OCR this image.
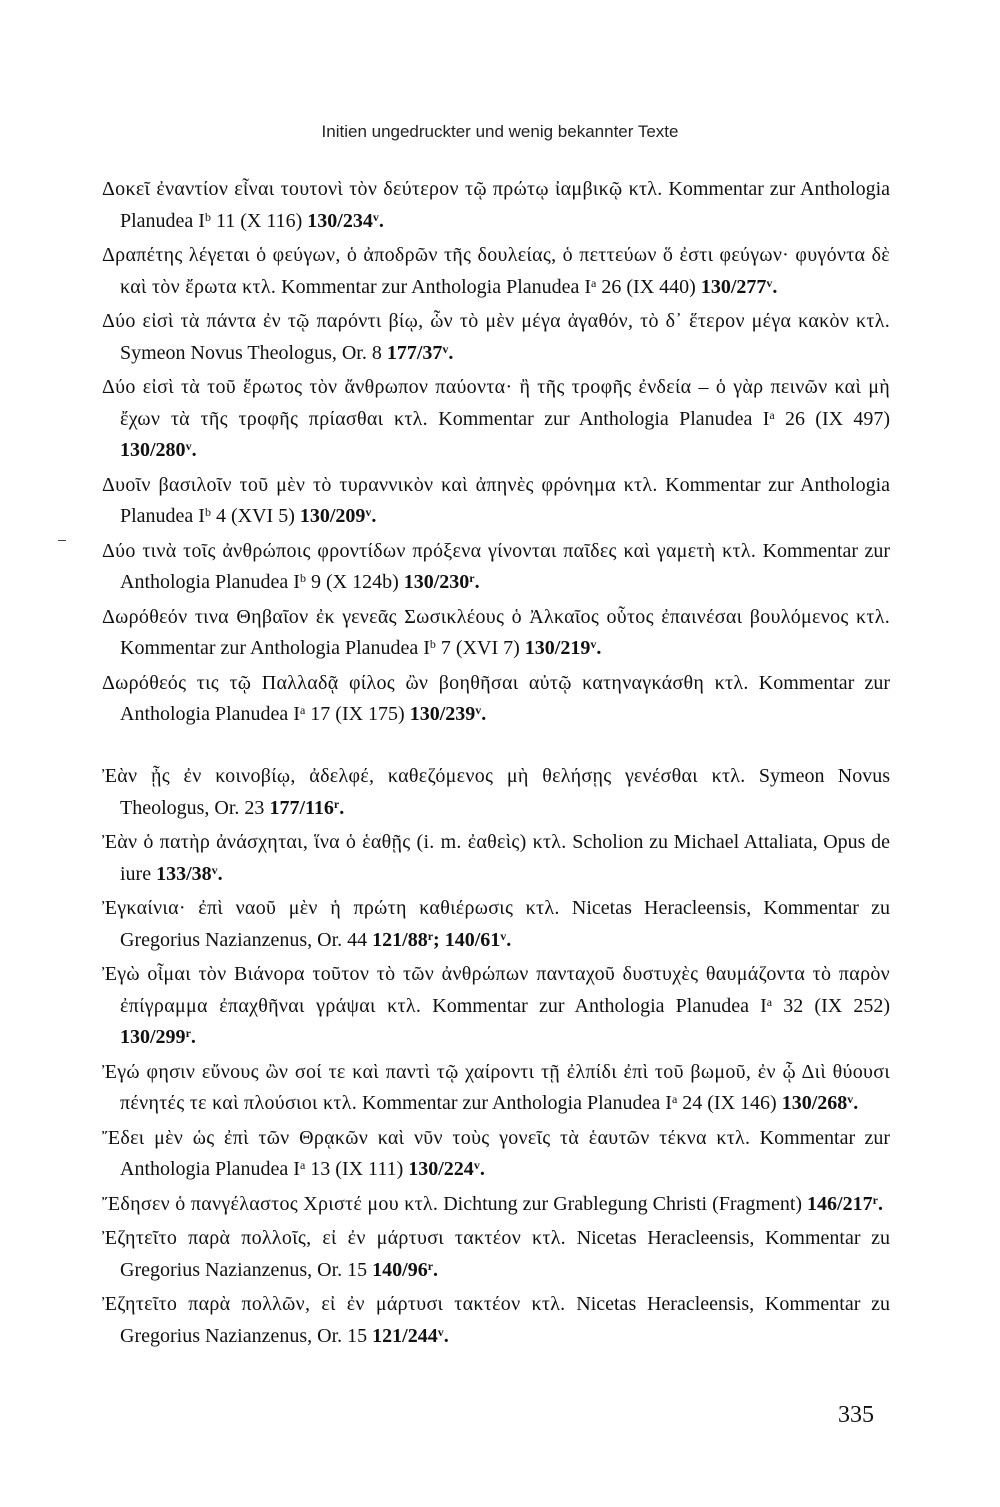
Initien ungedruckter und wenig bekannter Texte

Δοκεῖ ἐναντίον εἶναι τουτονὶ τὸν δεύτερον τῷ πρώτῳ ἰαμβικῷ κτλ. Kommentar zur Anthologia Planudea $I^b$ 11 (X 116) 130/234$^v$.

Δραπέτης λέγεται ὁ φεύγων, ὁ ἀποδρῶν τῆς δουλείας, ὁ πεττεύων ὅ ἐστι φεύγων· φυγόντα δὲ καὶ τὸν ἔρωτα κτλ. Kommentar zur Anthologia Planudea $I^a$ 26 (IX 440) 130/277$^v$.

Δύο εἰσὶ τὰ πάντα ἐν τῷ παρόντι βίῳ, ὧν τὸ μὲν μέγα ἀγαθόν, τὸ δ᾽ ἕτερον μέγα κακὸν κτλ. Symeon Novus Theologus, Or. 8 177/37$^v$.

Δύο εἰσὶ τὰ τοῦ ἔρωτος τὸν ἄνθρωπον παύοντα· ἢ τῆς τροφῆς ἐνδεία – ὁ γὰρ πεινῶν καὶ μὴ ἔχων τὰ τῆς τροφῆς πρίασθαι κτλ. Kommentar zur Anthologia Planudea $I^a$ 26 (IX 497) 130/280$^v$.

Δυοῖν βασιλοῖν τοῦ μὲν τὸ τυραννικὸν καὶ ἀπηνὲς φρόνημα κτλ. Kommentar zur Anthologia Planudea $I^b$ 4 (XVI 5) 130/209$^v$.

Δύο τινὰ τοῖς ἀνθρώποις φροντίδων πρόξενα γίνονται παῖδες καὶ γαμετὴ κτλ. Kommentar zur Anthologia Planudea $I^b$ 9 (X 124b) 130/230$^r$.

Δωρόθεόν τινα Θηβαῖον ἐκ γενεᾶς Σωσικλέους ὁ Ἀλκαῖος οὗτος ἐπαινέσαι βουλόμενος κτλ. Kommentar zur Anthologia Planudea $I^b$ 7 (XVI 7) 130/219$^v$.

Δωρόθεός τις τῷ Παλλαδᾷ φίλος ὢν βοηθῆσαι αὐτῷ κατηναγκάσθη κτλ. Kommentar zur Anthologia Planudea $I^a$ 17 (IX 175) 130/239$^v$.

Ἐὰν ᾖς ἐν κοινοβίῳ, ἀδελφέ, καθεζόμενος μὴ θελήσῃς γενέσθαι κτλ. Symeon Novus Theologus, Or. 23 177/116$^r$.

Ἐὰν ὁ πατὴρ ἀνάσχηται, ἵνα ὁ ἑαθῇς (i. m. ἐαθεὶς) κτλ. Scholion zu Michael Attaliata, Opus de iure 133/38$^v$.

Ἐγκαίνια· ἐπὶ ναοῦ μὲν ἡ πρώτη καθιέρωσις κτλ. Nicetas Heracleensis, Kommentar zu Gregorius Nazianzenus, Or. 44 121/88$^r$; 140/61$^v$.

Ἐγὼ οἶμαι τὸν Βιάνορα τοῦτον τὸ τῶν ἀνθρώπων πανταχοῦ δυστυχὲς θαυμάζοντα τὸ παρὸν ἐπίγραμμα ἐπαχθῆναι γράψαι κτλ. Kommentar zur Anthologia Planudea $I^a$ 32 (IX 252) 130/299$^r$.

Ἐγώ φησιν εὔνους ὢν σοί τε καὶ παντὶ τῷ χαίροντι τῇ ἐλπίδι ἐπὶ τοῦ βωμοῦ, ἐν ᾧ Διὶ θύουσι πένητές τε καὶ πλούσιοι κτλ. Kommentar zur Anthologia Planudea $I^a$ 24 (IX 146) 130/268$^v$.

Ἔδει μὲν ὡς ἐπὶ τῶν Θρᾳκῶν καὶ νῦν τοὺς γονεῖς τὰ ἑαυτῶν τέκνα κτλ. Kommentar zur Anthologia Planudea $I^a$ 13 (IX 111) 130/224$^v$.

Ἔδησεν ὁ πανγέλαστος Χριστέ μου κτλ. Dichtung zur Grablegung Christi (Fragment) 146/217$^r$.

Ἐζητεῖτο παρὰ πολλοῖς, εἰ ἐν μάρτυσι τακτέον κτλ. Nicetas Heracleensis, Kommentar zu Gregorius Nazianzenus, Or. 15 140/96$^r$.

Ἐζητεῖτο παρὰ πολλῶν, εἰ ἐν μάρτυσι τακτέον κτλ. Nicetas Heracleensis, Kommentar zu Gregorius Nazianzenus, Or. 15 121/244$^v$.

335
